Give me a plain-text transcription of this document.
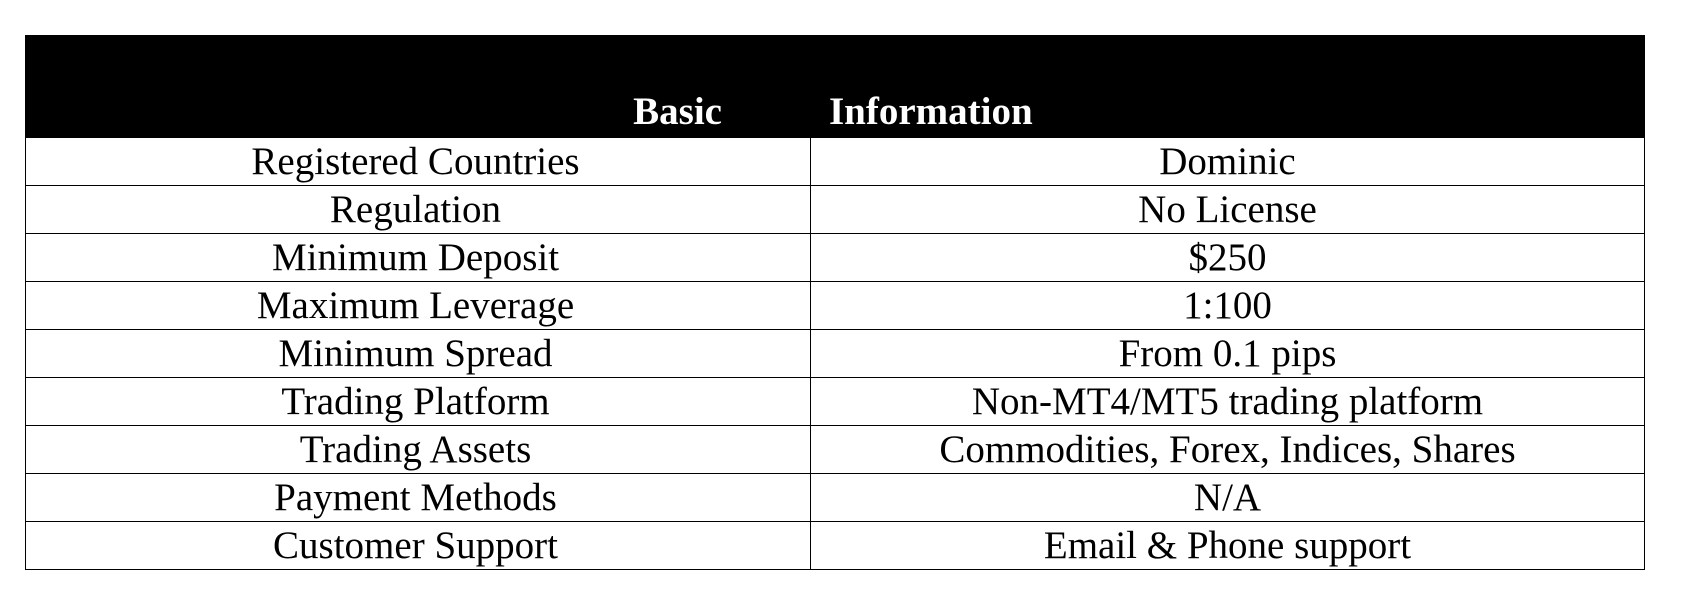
Basic	Information
Registered Countries	Dominic
Regulation	No License
Minimum Deposit	$250
Maximum Leverage	1:100
Minimum Spread	From 0.1 pips
Trading Platform	Non-MT4/MT5 trading platform
Trading Assets	Commodities, Forex, Indices, Shares
Payment Methods	N/A
Customer Support	Email & Phone support
